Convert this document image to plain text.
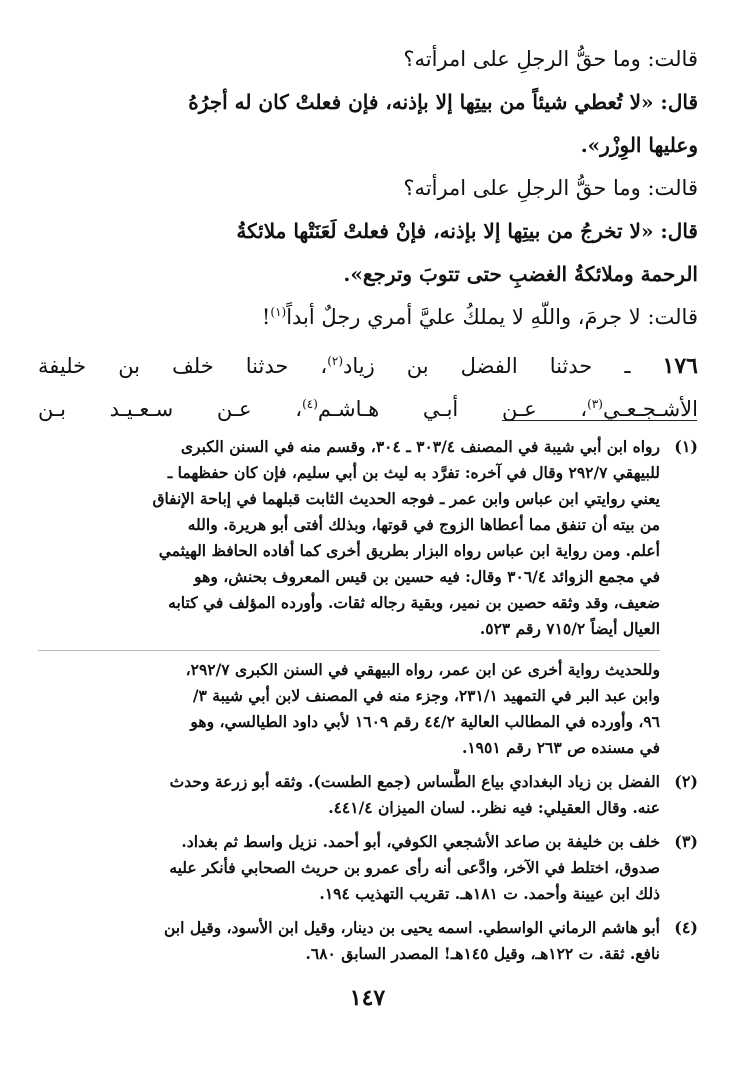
قالت: وما حقُّ الرجلِ على امرأته؟
قال: «لا تُعطي شيئاً من بيتِها إلا بإذنه، فإن فعلتْ كان له أجرُهُ
وعليها الوِزْر».
قالت: وما حقُّ الرجلِ على امرأته؟
قال: «لا تخرجُ من بيتِها إلا بإذنه، فإنْ فعلتْ لَعَنَتْها ملائكةُ
الرحمة وملائكةُ الغضبِ حتى تتوبَ وترجع».
قالت: لا جرمَ، واللّهِ لا يملكُ عليَّ أمري رجلٌ أبداً$^{(١)}$!
١٧٦ ـ حدثنا الفضل بن زياد$^{(٢)}$، حدثنا خلف بن خليفة
الأشـجـعـي$^{(٣)}$، عـن أبـي هـاشـم$^{(٤)}$، عـن سـعـيـد بـن
(١)
رواه ابن أبي شيبة في المصنف ٣٠٣/٤ ـ ٣٠٤، وقسم منه في السنن الكبرى
للبيهقي ٢٩٢/٧ وقال في آخره: تفرَّد به ليث بن أبي سليم، فإن كان حفظهما ـ
يعني روايتي ابن عباس وابن عمر ـ فوجه الحديث الثابت قبلهما في إباحة الإنفاق
من بيته أن تنفق مما أعطاها الزوج في قوتها، وبذلك أفتى أبو هريرة. والله
أعلم. ومن رواية ابن عباس رواه البزار بطريق أخرى كما أفاده الحافظ الهيثمي
في مجمع الزوائد ٣٠٦/٤ وقال: فيه حسين بن قيس المعروف بحنش، وهو
ضعيف، وقد وثقه حصين بن نمير، وبقية رجاله ثقات. وأورده المؤلف في كتابه
العيال أيضاً ٧١٥/٢ رقم ٥٢٣.
وللحديث رواية أخرى عن ابن عمر، رواه البيهقي في السنن الكبرى ٢٩٢/٧،
وابن عبد البر في التمهيد ٢٣١/١، وجزء منه في المصنف لابن أبي شيبة ٣/
٩٦، وأورده في المطالب العالية ٤٤/٢ رقم ١٦٠٩ لأبي داود الطيالسي، وهو
في مسنده ص ٢٦٣ رقم ١٩٥١.
(٢)
الفضل بن زياد البغدادي بياع الطَّساس (جمع الطست). وثقه أبو زرعة وحدث
عنه. وقال العقيلي: فيه نظر.. لسان الميزان ٤٤١/٤.
(٣)
خلف بن خليفة بن صاعد الأشجعي الكوفي، أبو أحمد. نزيل واسط ثم بغداد.
صدوق، اختلط في الآخر، وادَّعى أنه رأى عمرو بن حريث الصحابي فأنكر عليه
ذلك ابن عيينة وأحمد. ت ١٨١هـ. تقريب التهذيب ١٩٤.
(٤)
أبو هاشم الرماني الواسطي. اسمه يحيى بن دينار، وقيل ابن الأسود، وقيل ابن
نافع. ثقة. ت ١٢٢هـ، وقيل ١٤٥هـ! المصدر السابق ٦٨٠.
١٤٧
